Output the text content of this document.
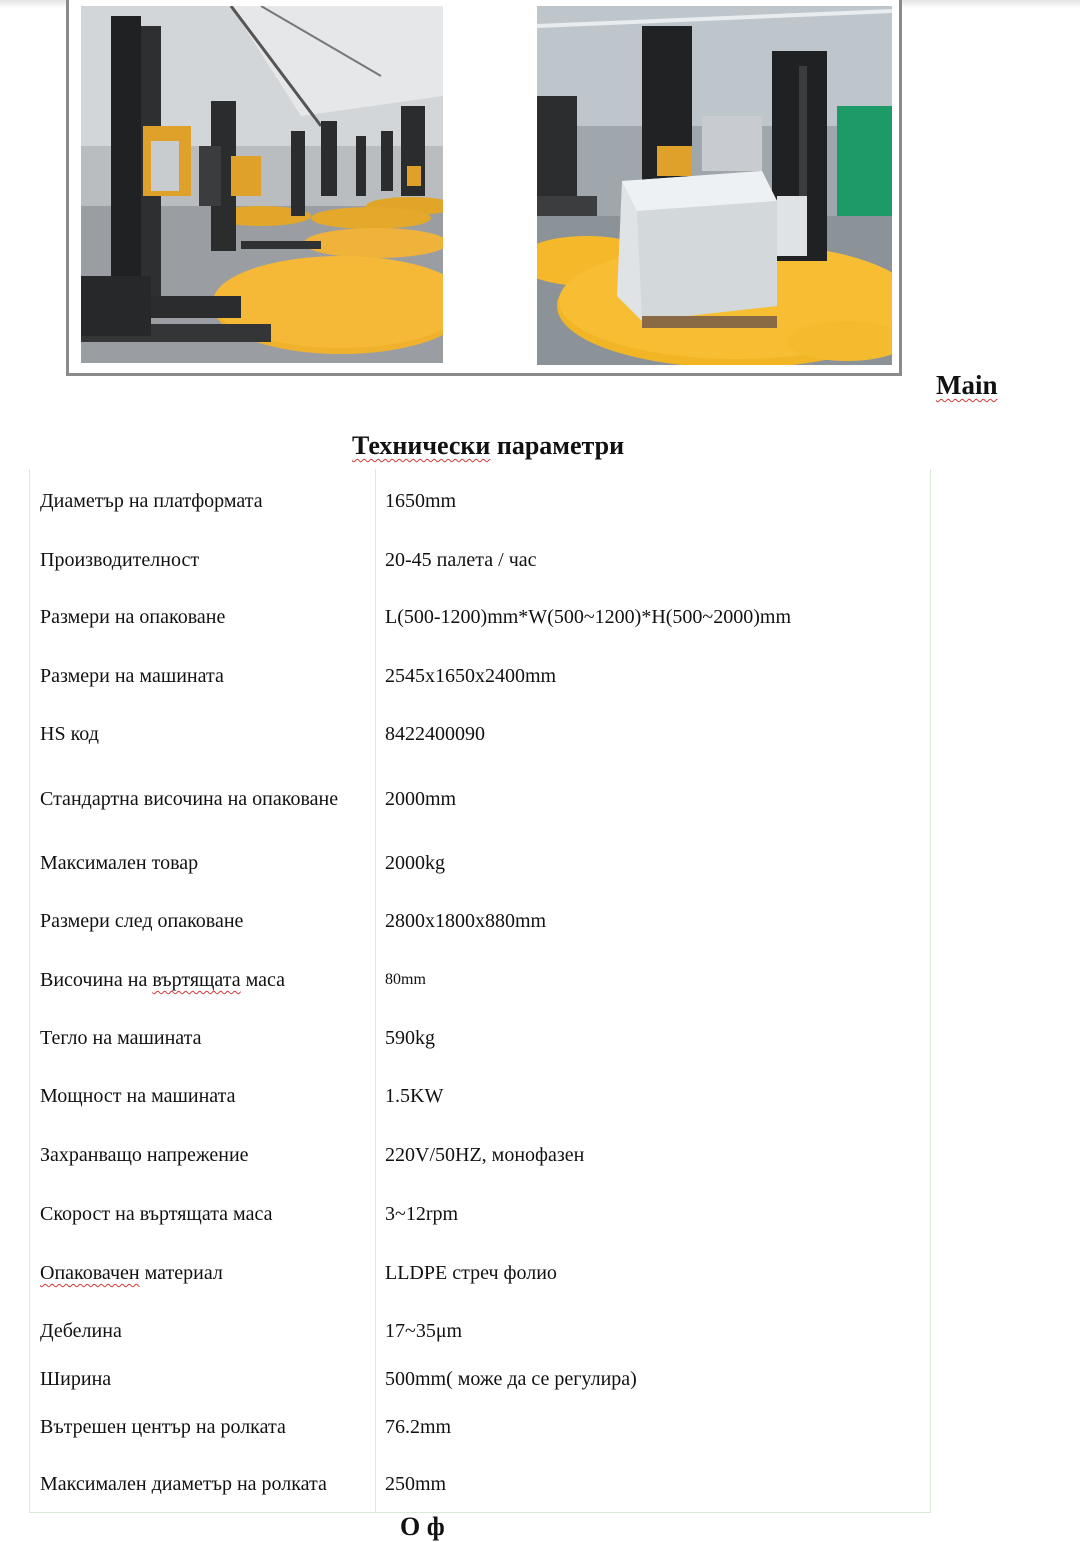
Main
Технически параметри
Диаметър на платформата	1650mm
Производителност	20-45 палета / час
Размери на опаковане	L(500-1200)mm*W(500~1200)*H(500~2000)mm
Размери на машината	2545x1650x2400mm
HS код	8422400090
Стандартна височина на опаковане	2000mm
Максимален товар	2000kg
Размери след опаковане	2800x1800x880mm
Височина на въртящата маса	80mm
Тегло на машината	590kg
Мощност на машината	1.5KW
Захранващо напрежение	220V/50HZ, монофазен
Скорост на въртящата маса	3~12rpm
Опаковачен материал	LLDPE стреч фолио
Дебелина	17~35μm
Ширина	500mm( може да се регулира)
Вътрешен център на ролката	76.2mm
Максимален диаметър на ролката	250mm
О ф
